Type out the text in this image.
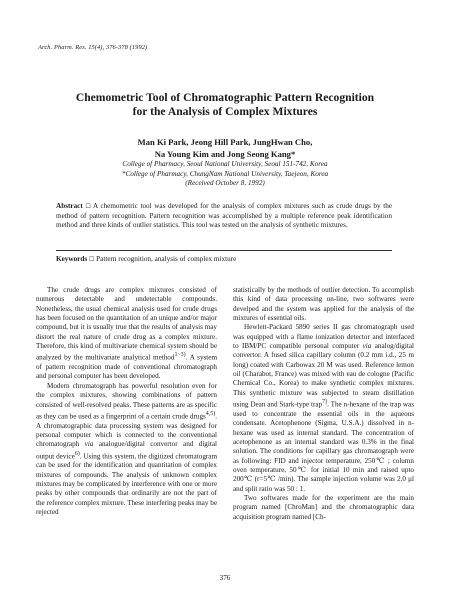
Arch. Pharm. Res. 15(4), 376-378 (1992)
Chemometric Tool of Chromatographic Pattern Recognition
for the Analysis of Complex Mixtures
Man Ki Park, Jeong Hill Park, JungHwan Cho,
Na Young Kim and Jong Seong Kang*
College of Pharmacy, Seoul National University, Seoul 151-742, Korea
*College of Pharmacy, ChungNam National University, Taejeon, Korea
(Received October 8, 1992)
Abstract ☐ A chemometric tool was developed for the analysis of complex mixtures such as crude drugs by the method of pattern recognition. Pattern recognition was accomplished by a multiple reference peak identification method and three kinds of outlier statistics. This tool was tested on the analysis of synthetic mixtures.
Keywords ☐ Pattern recognition, analysis of complex mixture

The crude drugs are complex mixtures consisted of numerous detectable and undetectable compounds. Nonetheless, the usual chemical analysis used for crude drugs has been focused on the quantitation of an unique and/or major compound, but it is usually true that the results of analysis may distort the real nature of crude drug as a complex mixture. Therefore, this kind of multivariate chemical system should be analyzed by the multivariate analytical method$^{1\sim 3)}$. A system of pattern recognition made of conventional chromatograph and personal computer has been developed.

Modern chromatograph has powerful resolution even for the complex mixtures, showing combinations of pattern consisted of well-resolved peaks. These patterns are as specific as they can be used as a fingerprint of a certain crude drugs$^{4,5)}$. A chromatographic data processing system was designed for personal computer which is connected to the conventional chromatograph via analogue/digital convertor and digital output device$^{6)}$. Using this system, the digitized chromatogram can be used for the identification and quantitation of complex mixtures of compounds. The analysis of unknown complex mixtures may be complicated by interference with one or more peaks by other compounds that ordinarily are not the part of the reference complex mixture. These interfering peaks may be rejected

statistically by the methods of outlier detection. To accomplish this kind of data processing on-line, two softwares were develped and the system was applied for the analysis of the mixtures of essential oils.

Hewlett-Packard 5890 series II gas chromatograph used was equipped with a flame ionization detector and interfaced to IBM/PC compatible personal computer via analog/digital convertor. A fused silica capillary column (0.2 mm i.d., 25 m long) coated with Carbowax 20 M was used. Reference lemon oil (Charabot, France) was mixed with eau de cologne (Pacific Chemical Co., Korea) to make synthetic complex mixtures. This synthetic mixture was subjected to steam distillation using Dean and Stark-type trap$^{7)}$. The n-hexane of the trap was used to concentrate the essential oils in the aqueous condensate. Acetophenone (Sigma, U.S.A.) dissolved in n-hexane was used as internal standard. The concentration of acetophenone as an internal standard was 0.3% in the final solution. The conditions for capillary gas chromatograph were as following: FID and injector temperature, 250℃ ; column oven temperature, 50℃ for initial 10 min and raised upto 200℃ (r=5℃ /min). The sample injection volume was 2.0 μl and split ratio was 50 : 1.

Two softwares made for the experiment are the main program named [ChroMan] and the chromatographic data acquisition program named [Ch-

376
